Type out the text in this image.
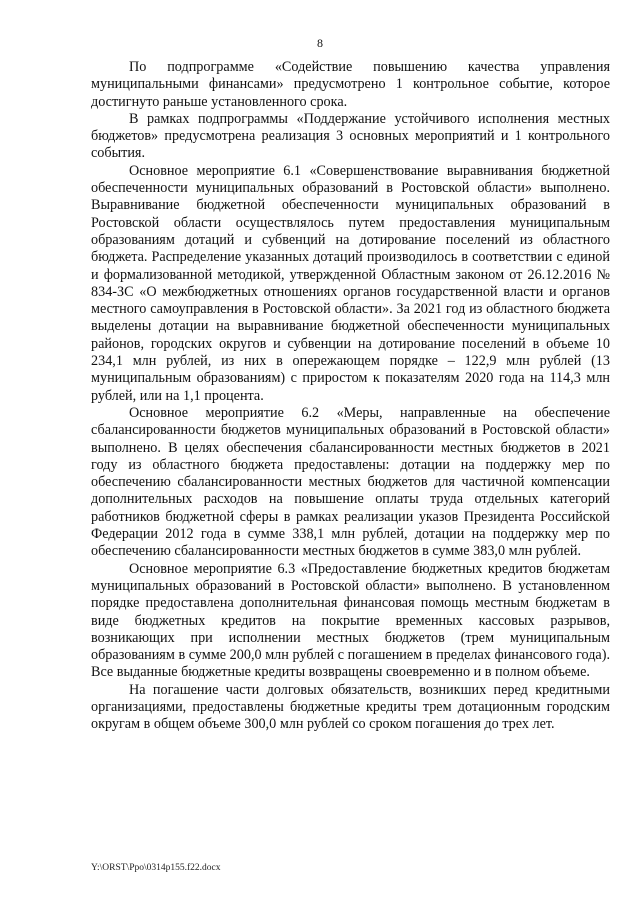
8

По подпрограмме «Содействие повышению качества управления муниципальными финансами» предусмотрено 1 контрольное событие, которое достигнуто раньше установленного срока.

В рамках подпрограммы «Поддержание устойчивого исполнения местных бюджетов» предусмотрена реализация 3 основных мероприятий и 1 контрольного события.

Основное мероприятие 6.1 «Совершенствование выравнивания бюджетной обеспеченности муниципальных образований в Ростовской области» выполнено. Выравнивание бюджетной обеспеченности муниципальных образований в Ростовской области осуществлялось путем предоставления муниципальным образованиям дотаций и субвенций на дотирование поселений из областного бюджета. Распределение указанных дотаций производилось в соответствии с единой и формализованной методикой, утвержденной Областным законом от 26.12.2016 № 834-ЗС «О межбюджетных отношениях органов государственной власти и органов местного самоуправления в Ростовской области». За 2021 год из областного бюджета выделены дотации на выравнивание бюджетной обеспеченности муниципальных районов, городских округов и субвенции на дотирование поселений в объеме 10 234,1 млн рублей, из них в опережающем порядке – 122,9 млн рублей (13 муниципальным образованиям) с приростом к показателям 2020 года на 114,3 млн рублей, или на 1,1 процента.

Основное мероприятие 6.2 «Меры, направленные на обеспечение сбалансированности бюджетов муниципальных образований в Ростовской области» выполнено. В целях обеспечения сбалансированности местных бюджетов в 2021 году из областного бюджета предоставлены: дотации на поддержку мер по обеспечению сбалансированности местных бюджетов для частичной компенсации дополнительных расходов на повышение оплаты труда отдельных категорий работников бюджетной сферы в рамках реализации указов Президента Российской Федерации 2012 года в сумме 338,1 млн рублей, дотации на поддержку мер по обеспечению сбалансированности местных бюджетов в сумме 383,0 млн рублей.

Основное мероприятие 6.3 «Предоставление бюджетных кредитов бюджетам муниципальных образований в Ростовской области» выполнено. В установленном порядке предоставлена дополнительная финансовая помощь местным бюджетам в виде бюджетных кредитов на покрытие временных кассовых разрывов, возникающих при исполнении местных бюджетов (трем муниципальным образованиям в сумме 200,0 млн рублей с погашением в пределах финансового года). Все выданные бюджетные кредиты возвращены своевременно и в полном объеме.

На погашение части долговых обязательств, возникших перед кредитными организациями, предоставлены бюджетные кредиты трем дотационным городским округам в общем объеме 300,0 млн рублей со сроком погашения до трех лет.

Y:\ORST\Ppo\0314p155.f22.docx
